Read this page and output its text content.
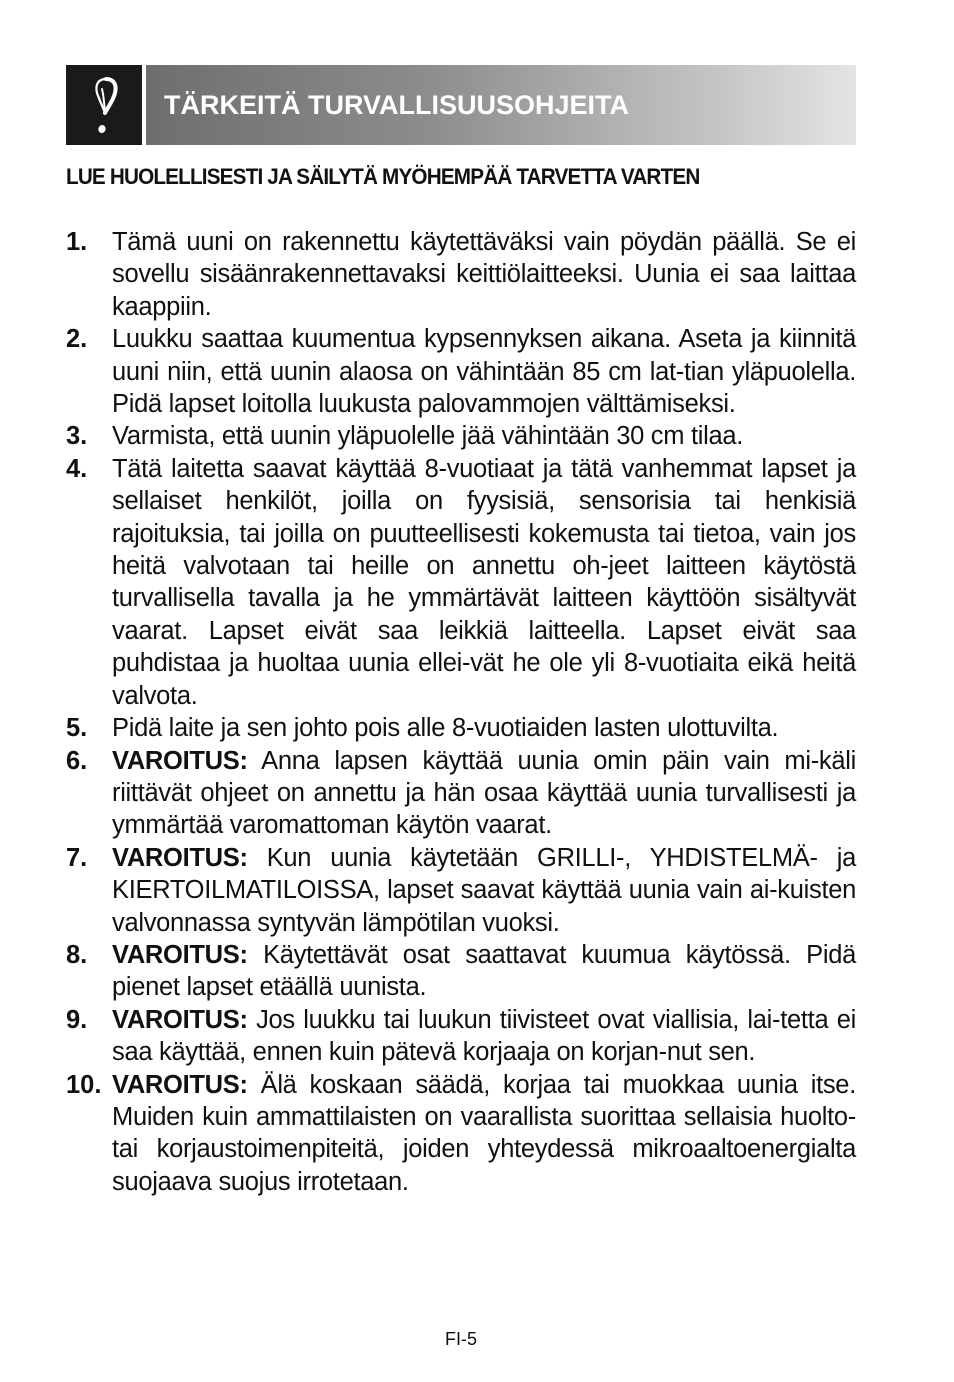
TÄRKEITÄ TURVALLISUUSOHJEITA
LUE HUOLELLISESTI JA SÄILYTÄ MYÖHEMPÄÄ TARVETTA VARTEN
1. Tämä uuni on rakennettu käytettäväksi vain pöydän päällä. Se ei sovellu sisäänrakennettavaksi keittiölaitteeksi. Uunia ei saa laittaa kaappiin.
2. Luukku saattaa kuumentua kypsennyksen aikana. Aseta ja kiinnitä uuni niin, että uunin alaosa on vähintään 85 cm lat-tian yläpuolella. Pidä lapset loitolla luukusta palovammojen välttämiseksi.
3. Varmista, että uunin yläpuolelle jää vähintään 30 cm tilaa.
4. Tätä laitetta saavat käyttää 8-vuotiaat ja tätä vanhemmat lapset ja sellaiset henkilöt, joilla on fyysisiä, sensorisia tai henkisiä rajoituksia, tai joilla on puutteellisesti kokemusta tai tietoa, vain jos heitä valvotaan tai heille on annettu oh-jeet laitteen käytöstä turvallisella tavalla ja he ymmärtävät laitteen käyttöön sisältyvät vaarat. Lapset eivät saa leikkiä laitteella. Lapset eivät saa puhdistaa ja huoltaa uunia ellei-vät he ole yli 8-vuotiaita eikä heitä valvota.
5. Pidä laite ja sen johto pois alle 8-vuotiaiden lasten ulottuvilta.
6. VAROITUS: Anna lapsen käyttää uunia omin päin vain mi-käli riittävät ohjeet on annettu ja hän osaa käyttää uunia turvallisesti ja ymmärtää varomattoman käytön vaarat.
7. VAROITUS: Kun uunia käytetään GRILLI-, YHDISTELMÄ- ja KIERTOILMATILOISSA, lapset saavat käyttää uunia vain ai-kuisten valvonnassa syntyvän lämpötilan vuoksi.
8. VAROITUS: Käytettävät osat saattavat kuumua käytössä. Pidä pienet lapset etäällä uunista.
9. VAROITUS: Jos luukku tai luukun tiivisteet ovat viallisia, lai-tetta ei saa käyttää, ennen kuin pätevä korjaaja on korjan-nut sen.
10. VAROITUS: Älä koskaan säädä, korjaa tai muokkaa uunia itse. Muiden kuin ammattilaisten on vaarallista suorittaa sellaisia huolto- tai korjaustoimenpiteitä, joiden yhteydessä mikroaaltoenergialta suojaava suojus irrotetaan.
FI-5
